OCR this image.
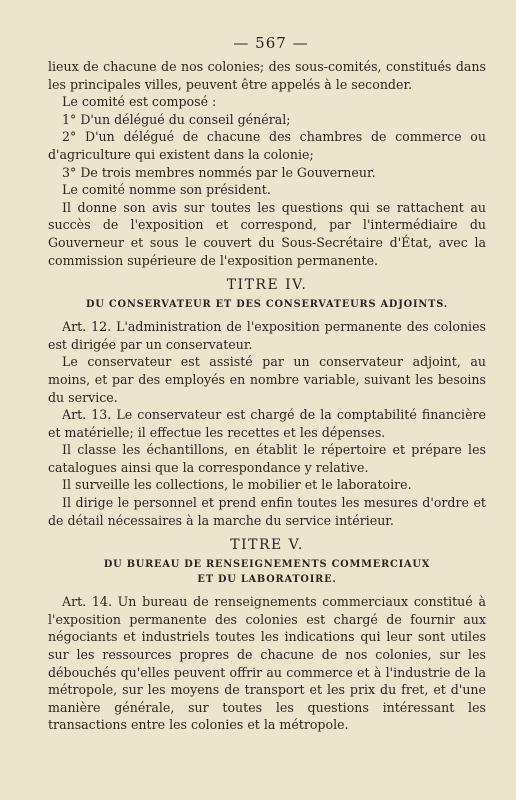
— 567 —

lieux de chacune de nos colonies; des sous-comités, constitués dans les principales villes, peuvent être appelés à le seconder.

Le comité est composé :

1° D'un délégué du conseil général;

2° D'un délégué de chacune des chambres de commerce ou d'agriculture qui existent dans la colonie;

3° De trois membres nommés par le Gouverneur.

Le comité nomme son président.

Il donne son avis sur toutes les questions qui se rattachent au succès de l'exposition et correspond, par l'intermédiaire du Gouverneur et sous le couvert du Sous-Secrétaire d'État, avec la commission supérieure de l'exposition permanente.

TITRE IV.
DU CONSERVATEUR ET DES CONSERVATEURS ADJOINTS.

Art. 12. L'administration de l'exposition permanente des colonies est dirigée par un conservateur.

Le conservateur est assisté par un conservateur adjoint, au moins, et par des employés en nombre variable, suivant les besoins du service.

Art. 13. Le conservateur est chargé de la comptabilité financière et matérielle; il effectue les recettes et les dépenses.

Il classe les échantillons, en établit le répertoire et prépare les catalogues ainsi que la correspondance y relative.

Il surveille les collections, le mobilier et le laboratoire.

Il dirige le personnel et prend enfin toutes les mesures d'ordre et de détail nécessaires à la marche du service intérieur.

TITRE V.
DU BUREAU DE RENSEIGNEMENTS COMMERCIAUX
ET DU LABORATOIRE.

Art. 14. Un bureau de renseignements commerciaux constitué à l'exposition permanente des colonies est chargé de fournir aux négociants et industriels toutes les indications qui leur sont utiles sur les ressources propres de chacune de nos colonies, sur les débouchés qu'elles peuvent offrir au commerce et à l'industrie de la métropole, sur les moyens de transport et les prix du fret, et d'une manière générale, sur toutes les questions intéressant les transactions entre les colonies et la métropole.
